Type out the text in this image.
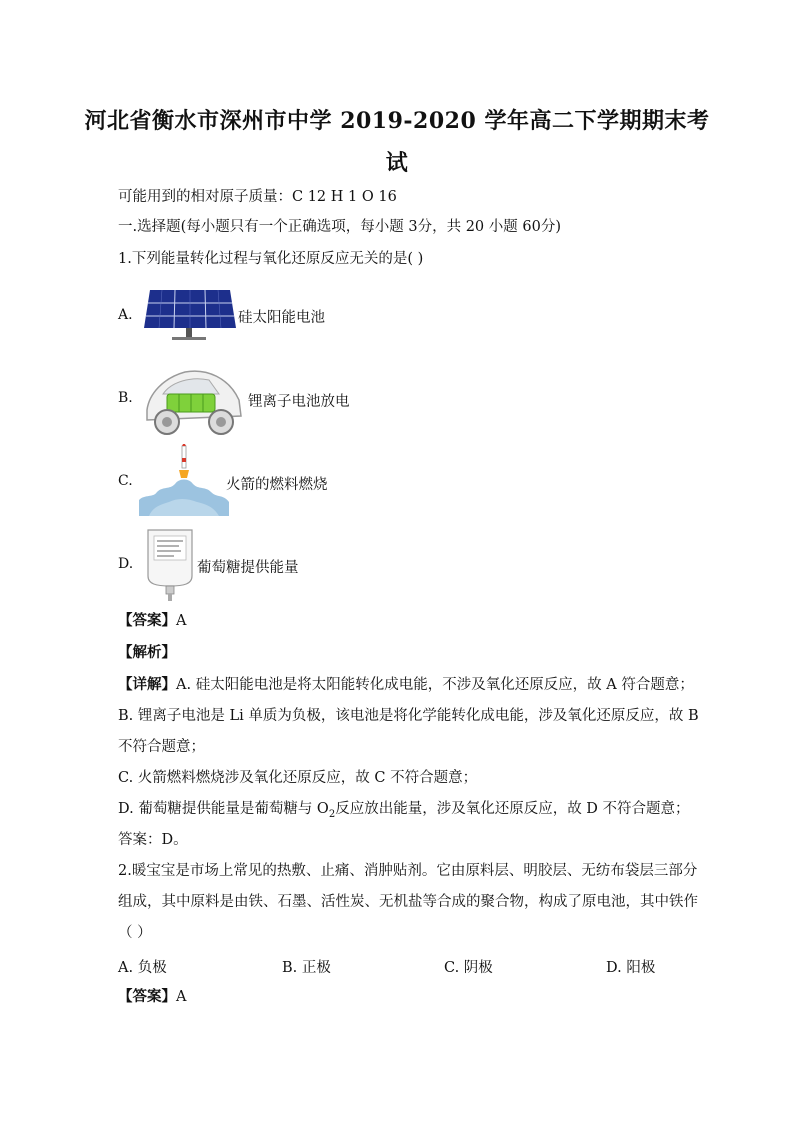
河北省衡水市深州市中学 2019-2020 学年高二下学期期末考
试
可能用到的相对原子质量：C 12 H 1 O 16
一.选择题(每小题只有一个正确选项，每小题 3分，共 20 小题 60分)
1.下列能量转化过程与氧化还原反应无关的是( )
A.	硅太阳能电池
B.	锂离子电池放电
C.	火箭的燃料燃烧
D.	葡萄糖提供能量
【答案】A
【解析】
【详解】A. 硅太阳能电池是将太阳能转化成电能，不涉及氧化还原反应，故 A 符合题意；
B. 锂离子电池是 Li 单质为负极，该电池是将化学能转化成电能，涉及氧化还原反应，故 B
不符合题意；
C. 火箭燃料燃烧涉及氧化还原反应，故 C 不符合题意；
D. 葡萄糖提供能量是葡萄糖与 $O_2$反应放出能量，涉及氧化还原反应，故 D 不符合题意；
答案：D。
2.暖宝宝是市场上常见的热敷、止痛、消肿贴剂。它由原料层、明胶层、无纺布袋层三部分
组成，其中原料是由铁、石墨、活性炭、无机盐等合成的聚合物，构成了原电池，其中铁作
（ ）
A. 负极	B. 正极	C. 阴极	D. 阳极
【答案】A
